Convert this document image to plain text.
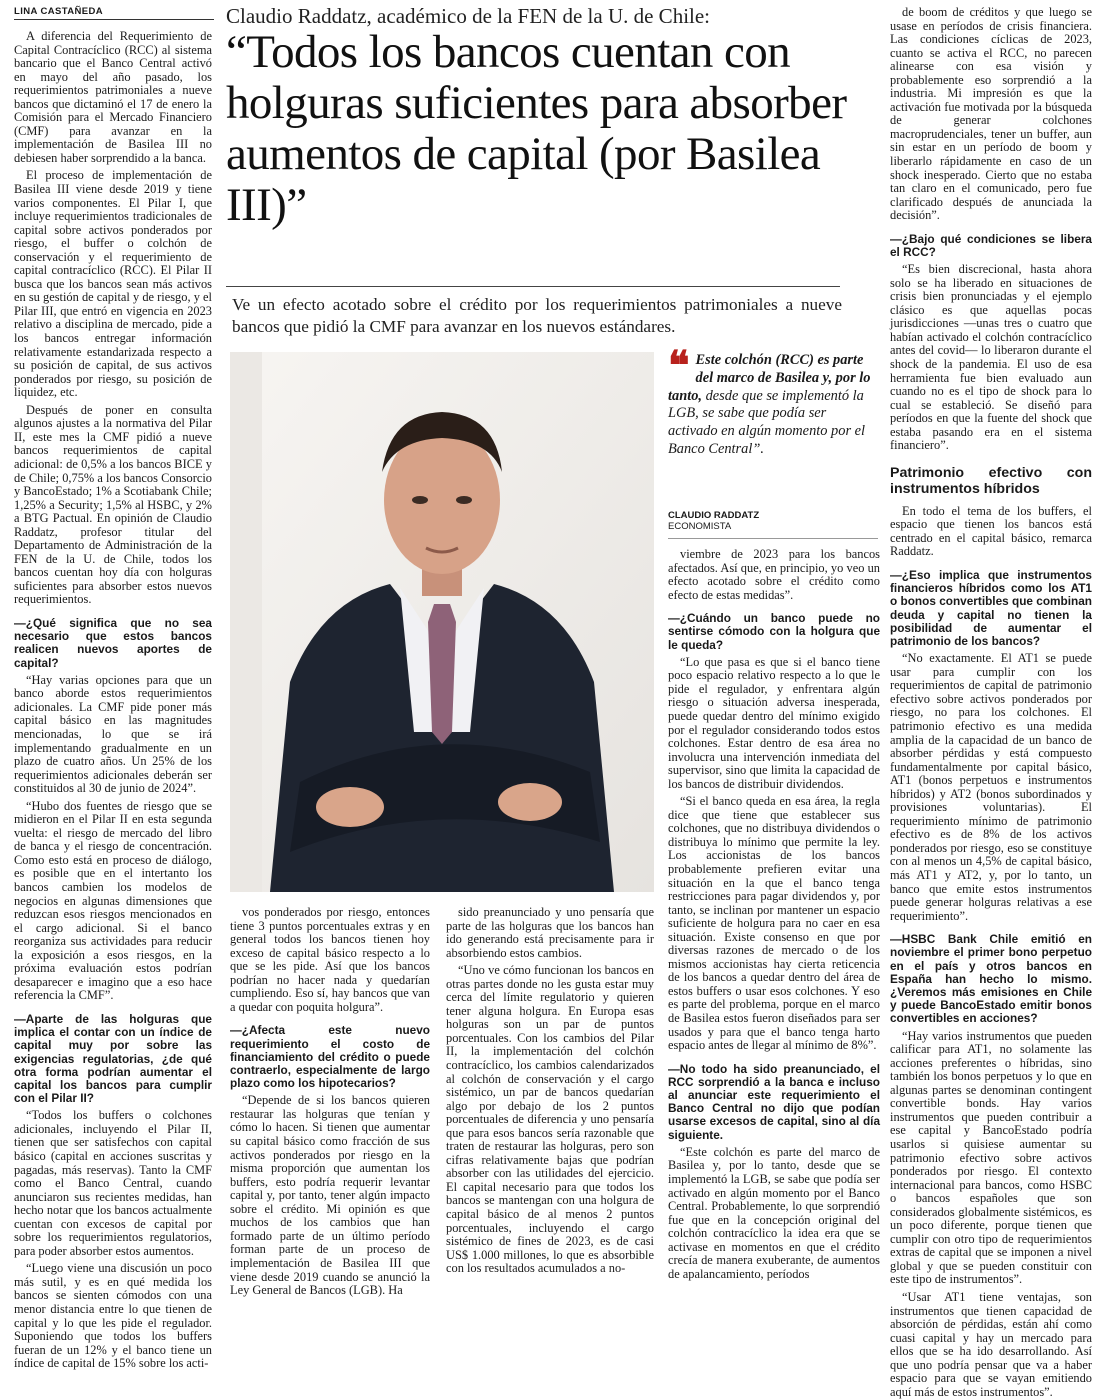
LINA CASTAÑEDA	Claudio Raddatz, académico de la FEN de la U. de Chile:
“Todos los bancos cuentan con holguras suficientes para absorber aumentos de capital (por Basilea III)”
Ve un efecto acotado sobre el crédito por los requerimientos patrimoniales a nueve bancos que pidió la CMF para avanzar en los nuevos estándares.
❝ Este colchón (RCC) es parte del marco de Basilea y, por lo tanto, desde que se implementó la LGB, se sabe que podía ser activado en algún momento por el Banco Central”.
CLAUDIO RADDATZ
ECONOMISTA

A diferencia del Requerimiento de Capital Contracíclico (RCC) al sistema bancario que el Banco Central activó en mayo del año pasado, los requerimientos patrimoniales a nueve bancos que dictaminó el 17 de enero la Comisión para el Mercado Financiero (CMF) para avanzar en la implementación de Basilea III no debiesen haber sorprendido a la banca.

El proceso de implementación de Basilea III viene desde 2019 y tiene varios componentes. El Pilar I, que incluye requerimientos tradicionales de capital sobre activos ponderados por riesgo, el buffer o colchón de conservación y el requerimiento de capital contracíclico (RCC). El Pilar II busca que los bancos sean más activos en su gestión de capital y de riesgo, y el Pilar III, que entró en vigencia en 2023 relativo a disciplina de mercado, pide a los bancos entregar información relativamente estandarizada respecto a su posición de capital, de sus activos ponderados por riesgo, su posición de liquidez, etc.

Después de poner en consulta algunos ajustes a la normativa del Pilar II, este mes la CMF pidió a nueve bancos requerimientos de capital adicional: de 0,5% a los bancos BICE y de Chile; 0,75% a los bancos Consorcio y BancoEstado; 1% a Scotiabank Chile; 1,25% a Security; 1,5% al HSBC, y 2% a BTG Pactual. En opinión de Claudio Raddatz, profesor titular del Departamento de Administración de la FEN de la U. de Chile, todos los bancos cuentan hoy día con holguras suficientes para absorber estos nuevos requerimientos.

—¿Qué significa que no sea necesario que estos bancos realicen nuevos aportes de capital?

“Hay varias opciones para que un banco aborde estos requerimientos adicionales. La CMF pide poner más capital básico en las magnitudes mencionadas, lo que se irá implementando gradualmente en un plazo de cuatro años. Un 25% de los requerimientos adicionales deberán ser constituidos al 30 de junio de 2024”.

“Hubo dos fuentes de riesgo que se midieron en el Pilar II en esta segunda vuelta: el riesgo de mercado del libro de banca y el riesgo de concentración. Como esto está en proceso de diálogo, es posible que en el intertanto los bancos cambien los modelos de negocios en algunas dimensiones que reduzcan esos riesgos mencionados en el cargo adicional. Si el banco reorganiza sus actividades para reducir la exposición a esos riesgos, en la próxima evaluación estos podrían desaparecer e imagino que a eso hace referencia la CMF”.

—Aparte de las holguras que implica el contar con un índice de capital muy por sobre las exigencias regulatorias, ¿de qué otra forma podrían aumentar el capital los bancos para cumplir con el Pilar II?

“Todos los buffers o colchones adicionales, incluyendo el Pilar II, tienen que ser satisfechos con capital básico (capital en acciones suscritas y pagadas, más reservas). Tanto la CMF como el Banco Central, cuando anunciaron sus recientes medidas, han hecho notar que los bancos actualmente cuentan con excesos de capital por sobre los requerimientos regulatorios, para poder absorber estos aumentos.

“Luego viene una discusión un poco más sutil, y es en qué medida los bancos se sienten cómodos con una menor distancia entre lo que tienen de capital y lo que les pide el regulador. Suponiendo que todos los buffers fueran de un 12% y el banco tiene un índice de capital de 15% sobre los acti-

vos ponderados por riesgo, entonces tiene 3 puntos porcentuales extras y en general todos los bancos tienen hoy exceso de capital básico respecto a lo que se les pide. Así que los bancos podrían no hacer nada y quedarían cumpliendo. Eso sí, hay bancos que van a quedar con poquita holgura”.

—¿Afecta este nuevo requerimiento el costo de financiamiento del crédito o puede contraerlo, especialmente de largo plazo como los hipotecarios?

“Depende de si los bancos quieren restaurar las holguras que tenían y cómo lo hacen. Si tienen que aumentar su capital básico como fracción de sus activos ponderados por riesgo en la misma proporción que aumentan los buffers, esto podría requerir levantar capital y, por tanto, tener algún impacto sobre el crédito. Mi opinión es que muchos de los cambios que han formado parte de un último período forman parte de un proceso de implementación de Basilea III que viene desde 2019 cuando se anunció la Ley General de Bancos (LGB). Ha

sido preanunciado y uno pensaría que parte de las holguras que los bancos han ido generando está precisamente para ir absorbiendo estos cambios.

“Uno ve cómo funcionan los bancos en otras partes donde no les gusta estar muy cerca del límite regulatorio y quieren tener alguna holgura. En Europa esas holguras son un par de puntos porcentuales. Con los cambios del Pilar II, la implementación del colchón contracíclico, los cambios calendarizados al colchón de conservación y el cargo sistémico, un par de bancos quedarían algo por debajo de los 2 puntos porcentuales de diferencia y uno pensaría que para esos bancos sería razonable que traten de restaurar las holguras, pero son cifras relativamente bajas que podrían absorber con las utilidades del ejercicio. El capital necesario para que todos los bancos se mantengan con una holgura de capital básico de al menos 2 puntos porcentuales, incluyendo el cargo sistémico de fines de 2023, es de casi US$ 1.000 millones, lo que es absorbible con los resultados acumulados a no-

viembre de 2023 para los bancos afectados. Así que, en principio, yo veo un efecto acotado sobre el crédito como efecto de estas medidas”.

—¿Cuándo un banco puede no sentirse cómodo con la holgura que le queda?

“Lo que pasa es que si el banco tiene poco espacio relativo respecto a lo que le pide el regulador, y enfrentara algún riesgo o situación adversa inesperada, puede quedar dentro del mínimo exigido por el regulador considerando todos estos colchones. Estar dentro de esa área no involucra una intervención inmediata del supervisor, sino que limita la capacidad de los bancos de distribuir dividendos.

“Si el banco queda en esa área, la regla dice que tiene que establecer sus colchones, que no distribuya dividendos o distribuya lo mínimo que permite la ley. Los accionistas de los bancos probablemente prefieren evitar una situación en la que el banco tenga restricciones para pagar dividendos y, por tanto, se inclinan por mantener un espacio suficiente de holgura para no caer en esa situación. Existe consenso en que por diversas razones de mercado o de los mismos accionistas hay cierta reticencia de los bancos a quedar dentro del área de estos buffers o usar esos colchones. Y eso es parte del problema, porque en el marco de Basilea estos fueron diseñados para ser usados y para que el banco tenga harto espacio antes de llegar al mínimo de 8%”.

—No todo ha sido preanunciado, el RCC sorprendió a la banca e incluso al anunciar este requerimiento el Banco Central no dijo que podían usarse excesos de capital, sino al día siguiente.

“Este colchón es parte del marco de Basilea y, por lo tanto, desde que se implementó la LGB, se sabe que podía ser activado en algún momento por el Banco Central. Probablemente, lo que sorprendió fue que en la concepción original del colchón contracíclico la idea era que se activase en momentos en que el crédito crecía de manera exuberante, de aumentos de apalancamiento, períodos

de boom de créditos y que luego se usase en períodos de crisis financiera. Las condiciones cíclicas de 2023, cuanto se activa el RCC, no parecen alinearse con esa visión y probablemente eso sorprendió a la industria. Mi impresión es que la activación fue motivada por la búsqueda de generar colchones macroprudenciales, tener un buffer, aun sin estar en un período de boom y liberarlo rápidamente en caso de un shock inesperado. Cierto que no estaba tan claro en el comunicado, pero fue clarificado después de anunciada la decisión”.

—¿Bajo qué condiciones se libera el RCC?

“Es bien discrecional, hasta ahora solo se ha liberado en situaciones de crisis bien pronunciadas y el ejemplo clásico es que aquellas pocas jurisdicciones —unas tres o cuatro que habían activado el colchón contracíclico antes del covid— lo liberaron durante el shock de la pandemia. El uso de esa herramienta fue bien evaluado aun cuando no es el tipo de shock para lo cual se estableció. Se diseñó para períodos en que la fuente del shock que estaba pasando era en el sistema financiero”.

Patrimonio efectivo con instrumentos híbridos

En todo el tema de los buffers, el espacio que tienen los bancos está centrado en el capital básico, remarca Raddatz.

—¿Eso implica que instrumentos financieros híbridos como los AT1 o bonos convertibles que combinan deuda y capital no tienen la posibilidad de aumentar el patrimonio de los bancos?

“No exactamente. El AT1 se puede usar para cumplir con los requerimientos de capital de patrimonio efectivo sobre activos ponderados por riesgo, no para los colchones. El patrimonio efectivo es una medida amplia de la capacidad de un banco de absorber pérdidas y está compuesto fundamentalmente por capital básico, AT1 (bonos perpetuos e instrumentos híbridos) y AT2 (bonos subordinados y provisiones voluntarias). El requerimiento mínimo de patrimonio efectivo es de 8% de los activos ponderados por riesgo, eso se constituye con al menos un 4,5% de capital básico, más AT1 y AT2, y, por lo tanto, un banco que emite estos instrumentos puede generar holguras relativas a ese requerimiento”.

—HSBC Bank Chile emitió en noviembre el primer bono perpetuo en el país y otros bancos en España han hecho lo mismo. ¿Veremos más emisiones en Chile y puede BancoEstado emitir bonos convertibles en acciones?

“Hay varios instrumentos que pueden calificar para AT1, no solamente las acciones preferentes o híbridas, sino también los bonos perpetuos y lo que en algunas partes se denominan contingent convertible bonds. Hay varios instrumentos que pueden contribuir a ese capital y BancoEstado podría usarlos si quisiese aumentar su patrimonio efectivo sobre activos ponderados por riesgo. El contexto internacional para bancos, como HSBC o bancos españoles que son considerados globalmente sistémicos, es un poco diferente, porque tienen que cumplir con otro tipo de requerimientos extras de capital que se imponen a nivel global y que se pueden constituir con este tipo de instrumentos”.

“Usar AT1 tiene ventajas, son instrumentos que tienen capacidad de absorción de pérdidas, están ahí como cuasi capital y hay un mercado para ellos que se ha ido desarrollando. Así que uno podría pensar que va a haber espacio para que se vayan emitiendo aquí más de estos instrumentos”.
